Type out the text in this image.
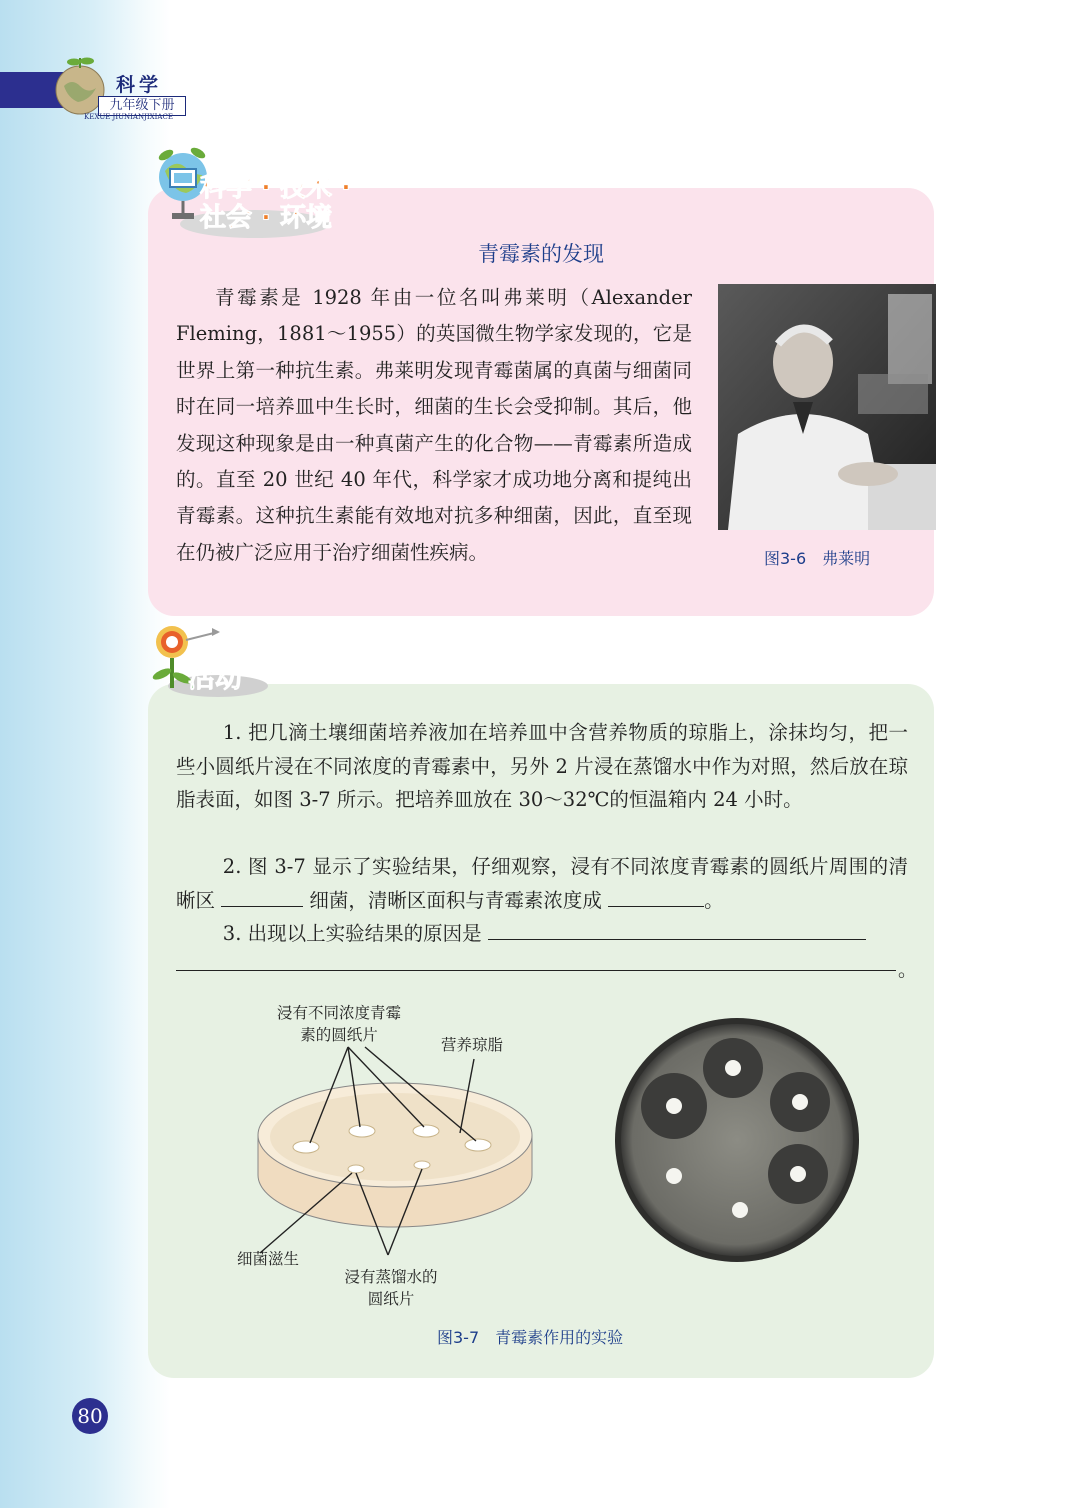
科学
九年级下册
KEXUE JIUNIANJIXIACE
科学 · 技术 ·
社会 · 环境
青霉素的发现

青霉素是 1928 年由一位名叫弗莱明（Alexander Fleming，1881～1955）的英国微生物学家发现的，它是世界上第一种抗生素。弗莱明发现青霉菌属的真菌与细菌同时在同一培养皿中生长时，细菌的生长会受抑制。其后，他发现这种现象是由一种真菌产生的化合物——青霉素所造成的。直至 20 世纪 40 年代，科学家才成功地分离和提纯出青霉素。这种抗生素能有效地对抗多种细菌，因此，直至现在仍被广泛应用于治疗细菌性疾病。	图3-6　弗莱明
活动

1. 把几滴土壤细菌培养液加在培养皿中含营养物质的琼脂上，涂抹均匀，把一些小圆纸片浸在不同浓度的青霉素中，另外 2 片浸在蒸馏水中作为对照，然后放在琼脂表面，如图 3-7 所示。把培养皿放在 30～32℃的恒温箱内 24 小时。

2. 图 3-7 显示了实验结果，仔细观察，浸有不同浓度青霉素的圆纸片周围的清晰区	细菌，清晰区面积与青霉素浓度成	。

3. 出现以上实验结果的原因是

。
浸有不同浓度青霉
素的圆纸片
营养琼脂
细菌滋生
浸有蒸馏水的
圆纸片
图3-7　青霉素作用的实验
80
